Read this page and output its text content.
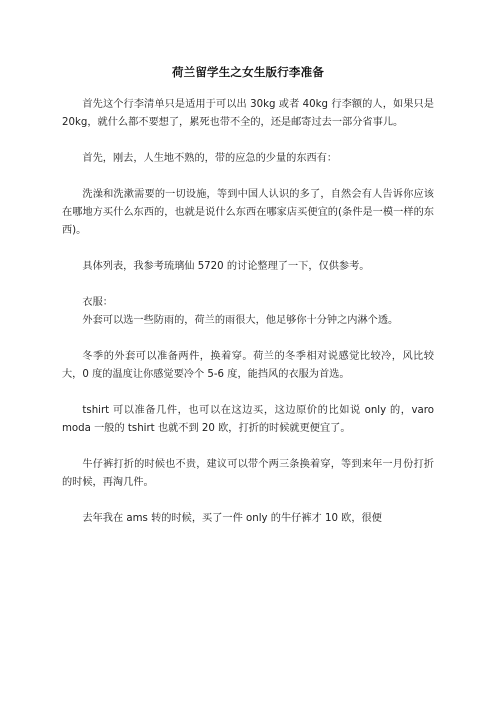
荷兰留学生之女生版行李准备

首先这个行李清单只是适用于可以出 30kg 或者 40kg 行李额的人，如果只是 20kg，就什么都不要想了，累死也带不全的，还是邮寄过去一部分省事儿。

首先，刚去，人生地不熟的，带的应急的少量的东西有：

洗澡和洗漱需要的一切设施，等到中国人认识的多了，自然会有人告诉你应该在哪地方买什么东西的，也就是说什么东西在哪家店买便宜的(条件是一模一样的东西)。

具体列表，我参考琉璃仙 5720 的讨论整理了一下，仅供参考。

衣服：

外套可以选一些防雨的，荷兰的雨很大，他足够你十分钟之内淋个透。

冬季的外套可以准备两件，换着穿。荷兰的冬季相对说感觉比较冷，风比较大，0 度的温度让你感觉要冷个 5-6 度，能挡风的衣服为首选。

tshirt 可以准备几件，也可以在这边买，这边原价的比如说 only 的，varo moda 一般的 tshirt 也就不到 20 欧，打折的时候就更便宜了。

牛仔裤打折的时候也不贵，建议可以带个两三条换着穿，等到来年一月份打折的时候，再淘几件。

去年我在 ams 转的时候，买了一件 only 的牛仔裤才 10 欧，很便
